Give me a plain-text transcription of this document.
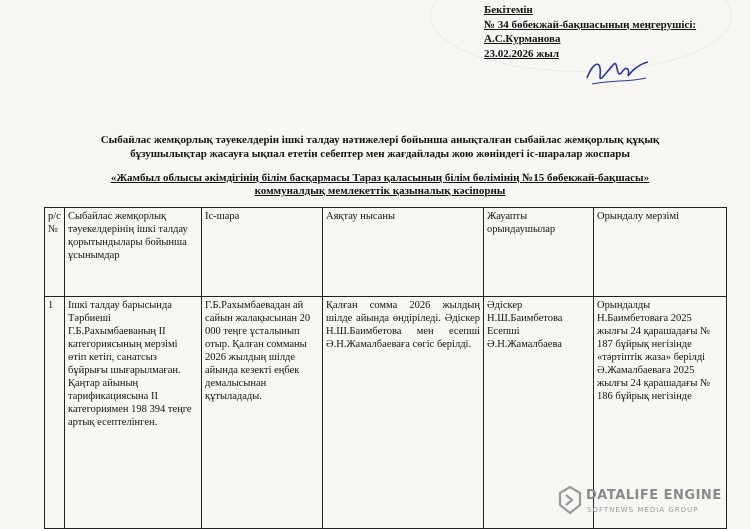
Бекітемін
№ 34 бөбекжай-бақшасының меңгерушісі:
А.С.Курманова
23.02.2026 жыл
Сыбайлас жемқорлық тәуекелдерін ішкі талдау нәтижелері бойынша анықталған сыбайлас жемқорлық құқық
бұзушылықтар жасауға ықпал ететін себептер мен жағдайлады жою жөніндегі іс-шаралар жоспары
«Жамбыл облысы әкімдігінің білім басқармасы Тараз қаласының білім бөлімінің №15 бөбекжай-бақшасы»
коммуналдық мемлекеттік қазыналық кәсіпорны
р/с №	Сыбайлас жемқорлық тәуекелдерінің ішкі талдау қорытындылары бойынша ұсынымдар	Іс-шара	Аяқтау нысаны	Жауапты орындаушылар	Орындалу мерзімі
1	Ішкі талдау барысында Тәрбиеші Г.Б.Рахымбаеваның II категориясының мерзімі өтіп кетіп, санатсыз бұйрығы шығарылмаған. Қаңтар айының тарификациясына II категориямен 198 394 теңге артық есептелінген.	Г.Б.Рахымбаевадан ай сайын жалақысынан 20 000 теңге ұсталынып отыр. Қалған сомманы 2026 жылдың шілде айында кезекті еңбек демалысынан құтыладады.	Қалған сомма 2026 жылдың шілде айында өндіріледі. Әдіскер Н.Ш.Баимбетова мен есепші Ә.Н.Жамалбаеваға сөгіс берілді.	Әдіскер Н.Ш.Баимбетова Есепші Ә.Н.Жамалбаева	Орындалды Н.Баимбетоваға 2025 жылғы 24 қарашадағы № 187 бұйрық негізінде «тәртіптік жаза» берілді Ә.Жамалбаеваға 2025 жылғы 24 қарашадағы № 186 бұйрық негізінде
DATALIFE ENGINE
SOFTNEWS MEDIA GROUP
